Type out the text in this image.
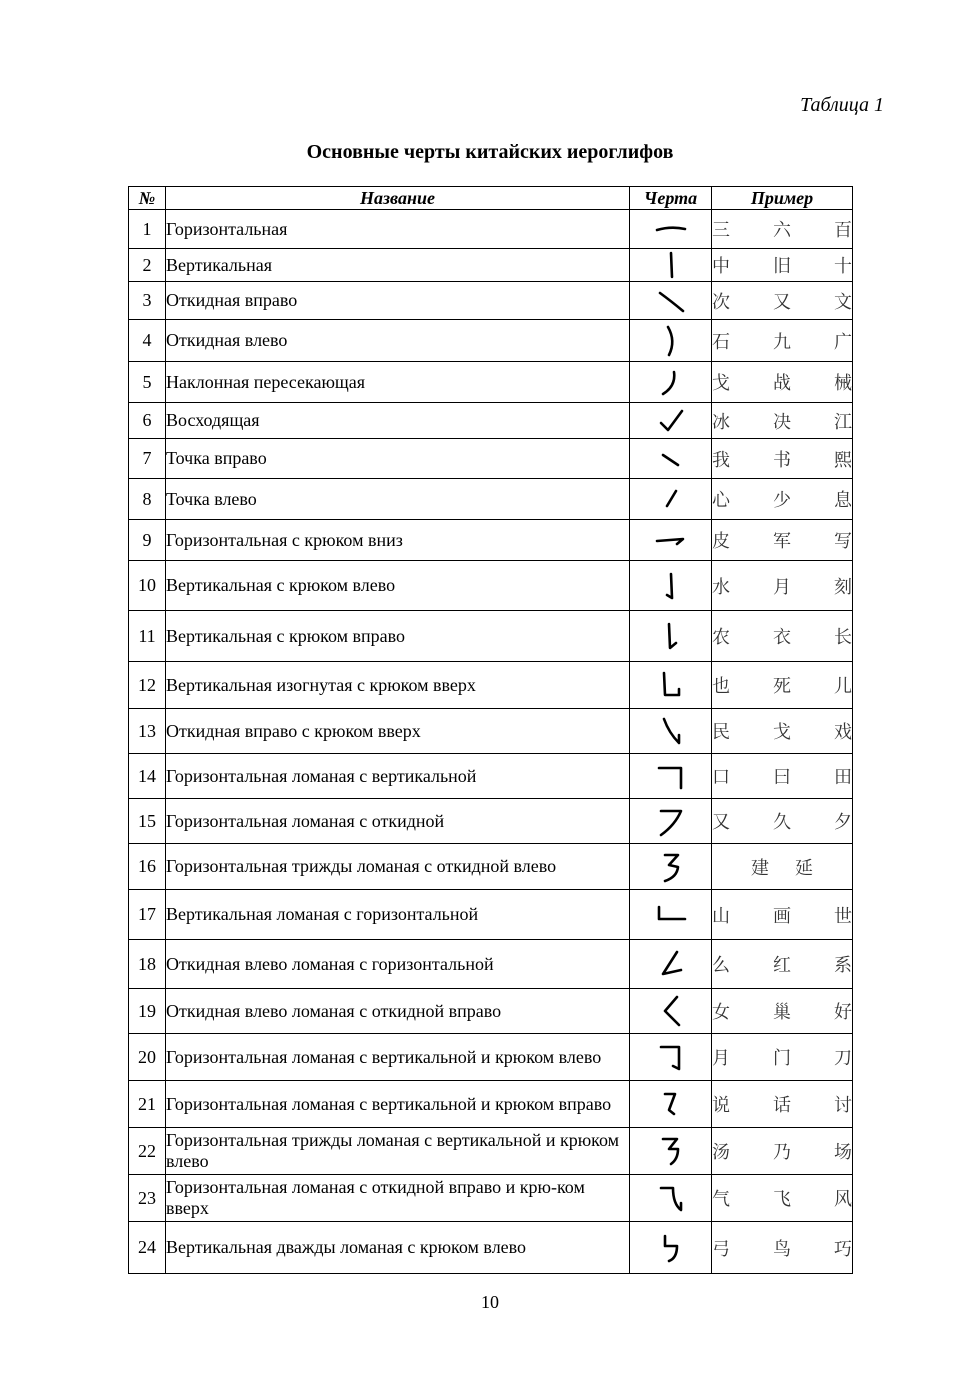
Таблица 1
Основные черты китайских иероглифов
№	Название	Черта	Пример
1	Горизонтальная		三 六 百

2	Вертикальная		中 旧 十

3	Откидная вправо		次 又 文

4	Откидная влево		石 九 广

5	Наклонная пересекающая		戈 战 械

6	Восходящая		冰 决 江

7	Точка вправо		我 书 熙

8	Точка влево		心 少 息

9	Горизонтальная с крюком вниз		皮 军 写

10	Вертикальная с крюком влево		水 月 刻

11	Вертикальная с крюком вправо		农 衣 长

12	Вертикальная изогнутая с крюком вверх		也 死 儿

13	Откидная вправо с крюком вверх		民 戈 戏

14	Горизонтальная ломаная с вертикальной		口 曰 田

15	Горизонтальная ломаная с откидной		又 久 夕

16	Горизонтальная трижды ломаная с откидной влево		建 延

17	Вертикальная ломаная с горизонтальной		山 画 世

18	Откидная влево ломаная с горизонтальной		么 红 系

19	Откидная влево ломаная с откидной вправо		女 巢 好

20	Горизонтальная ломаная с вертикальной и крюком влево		月 门 刀

21	Горизонтальная ломаная с вертикальной и крюком вправо		说 话 讨

22	Горизонтальная трижды ломаная с вертикальной и крюком влево		汤 乃 场

23	Горизонтальная ломаная с откидной вправо и крю-ком вверх		气 飞 风

24	Вертикальная дважды ломаная с крюком влево		弓 鸟 巧
10
